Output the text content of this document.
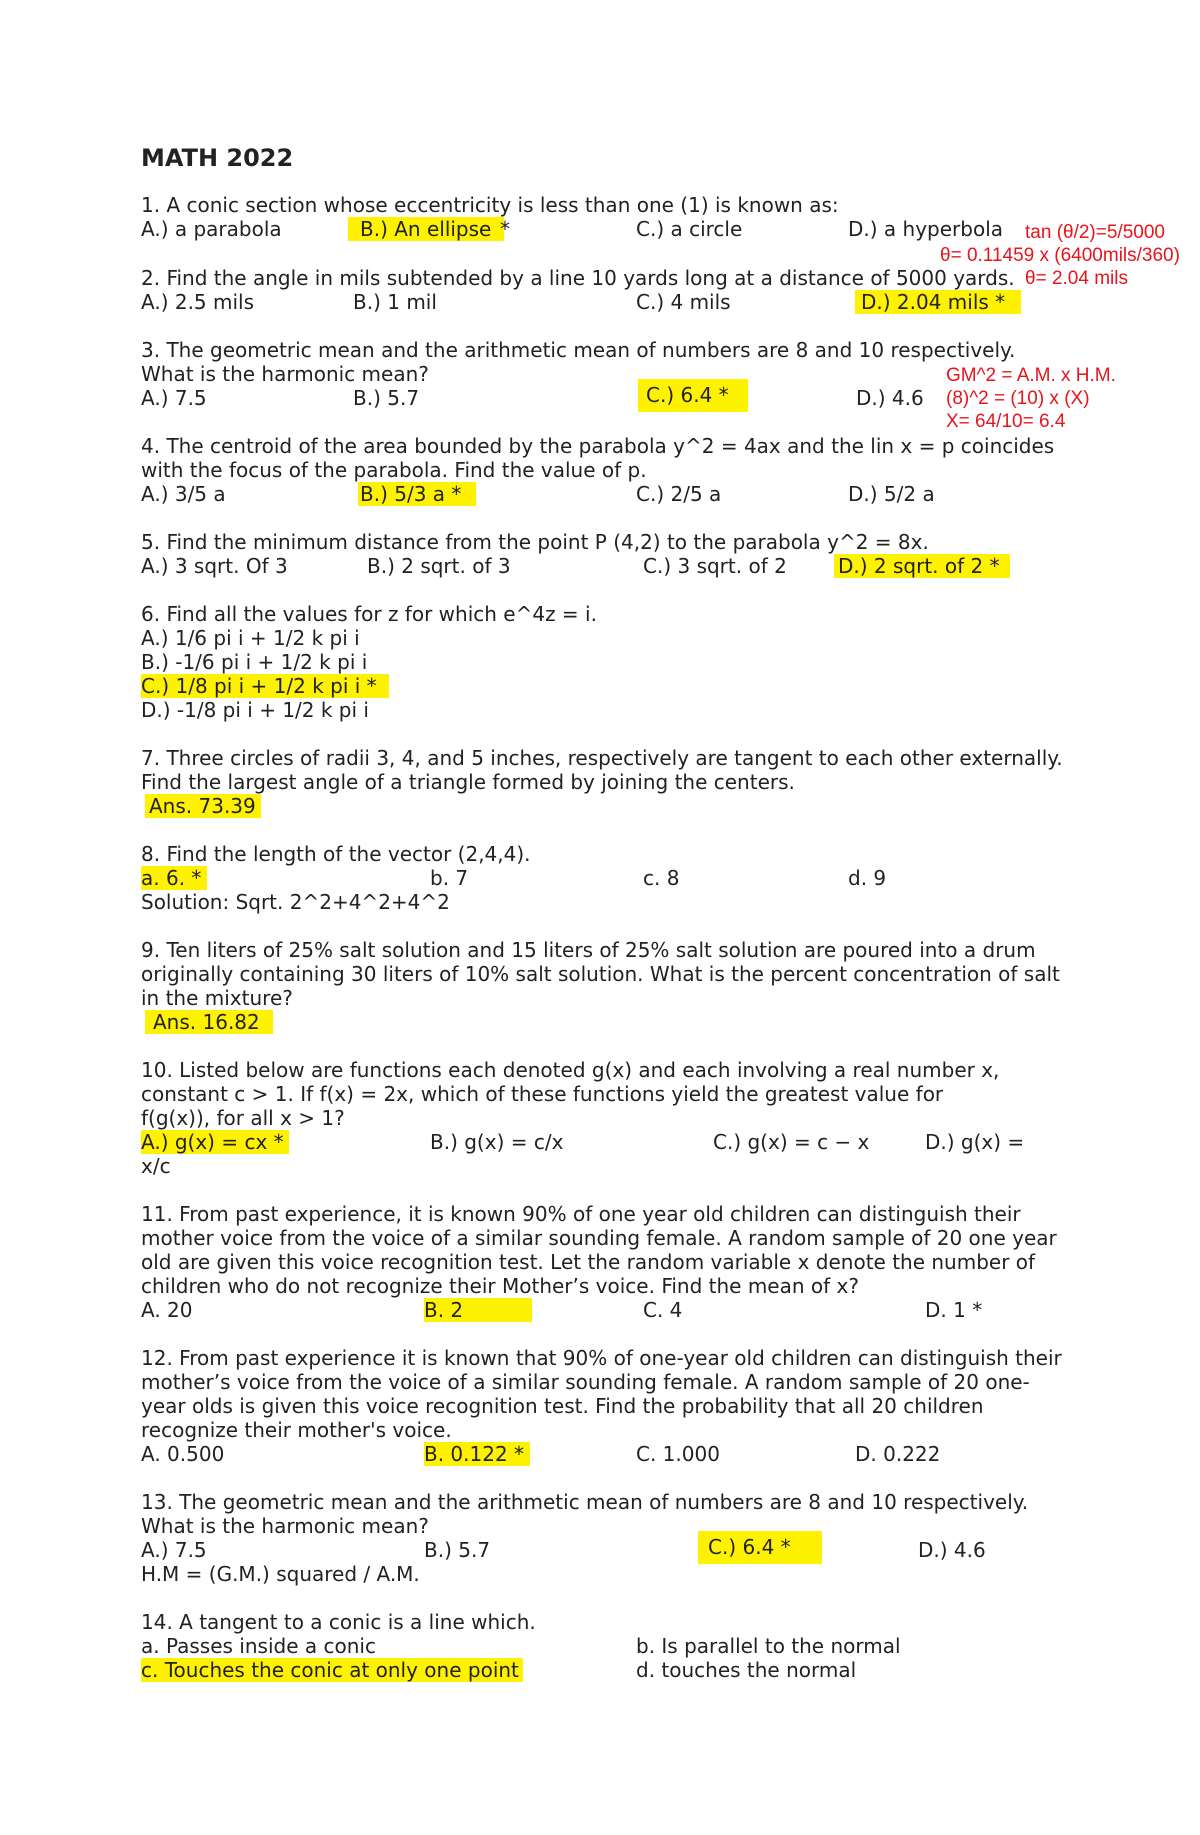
MATH 2022
1. A conic section whose eccentricity is less than one (1) is known as:
A.) a parabola	B.) An ellipse *	C.) a circle	D.) a hyperbola tan (θ/2)=5/5000
θ= 0.11459 x (6400mils/360)
θ= 2.04 mils
2. Find the angle in mils subtended by a line 10 yards long at a distance of 5000 yards.
A.) 2.5 mils	B.) 1 mil	C.) 4 mils	D.) 2.04 mils *
3. The geometric mean and the arithmetic mean of numbers are 8 and 10 respectively.
What is the harmonic mean?
A.) 7.5	B.) 5.7	C.) 6.4 *	D.) 4.6
GM^2 = A.M. x H.M.
(8)^2 = (10) x (X)
X= 64/10= 6.4
4. The centroid of the area bounded by the parabola y^2 = 4ax and the lin x = p coincides
with the focus of the parabola. Find the value of p.
A.) 3/5 a	B.) 5/3 a *	C.) 2/5 a	D.) 5/2 a
5. Find the minimum distance from the point P (4,2) to the parabola y^2 = 8x.
A.) 3 sqrt. Of 3	B.) 2 sqrt. of 3	C.) 3 sqrt. of 2	D.) 2 sqrt. of 2 *
6. Find all the values for z for which e^4z = i.
A.) 1/6 pi i + 1/2 k pi i
B.) -1/6 pi i + 1/2 k pi i
C.) 1/8 pi i + 1/2 k pi i *
D.) -1/8 pi i + 1/2 k pi i
7. Three circles of radii 3, 4, and 5 inches, respectively are tangent to each other externally.
Find the largest angle of a triangle formed by joining the centers.
Ans. 73.39
8. Find the length of the vector (2,4,4).
a. 6. *	b. 7	c. 8	d. 9
Solution: Sqrt. 2^2+4^2+4^2
9. Ten liters of 25% salt solution and 15 liters of 25% salt solution are poured into a drum
originally containing 30 liters of 10% salt solution. What is the percent concentration of salt
in the mixture?
Ans. 16.82
10. Listed below are functions each denoted g(x) and each involving a real number x,
constant c > 1. If f(x) = 2x, which of these functions yield the greatest value for
f(g(x)), for all x > 1?
A.) g(x) = cx *	B.) g(x) = c/x	C.) g(x) = c − x	D.) g(x) =
x/c
11. From past experience, it is known 90% of one year old children can distinguish their
mother voice from the voice of a similar sounding female. A random sample of 20 one year
old are given this voice recognition test. Let the random variable x denote the number of
children who do not recognize their Mother’s voice. Find the mean of x?
A. 20	B. 2	C. 4	D. 1 *
12. From past experience it is known that 90% of one-year old children can distinguish their
mother’s voice from the voice of a similar sounding female. A random sample of 20 one-
year olds is given this voice recognition test. Find the probability that all 20 children
recognize their mother's voice.
A. 0.500	B. 0.122 *	C. 1.000	D. 0.222
13. The geometric mean and the arithmetic mean of numbers are 8 and 10 respectively.
What is the harmonic mean?
A.) 7.5	B.) 5.7	C.) 6.4 *	D.) 4.6
H.M = (G.M.) squared / A.M.
14. A tangent to a conic is a line which.
a. Passes inside a conic	b. Is parallel to the normal
c. Touches the conic at only one point	d. touches the normal
